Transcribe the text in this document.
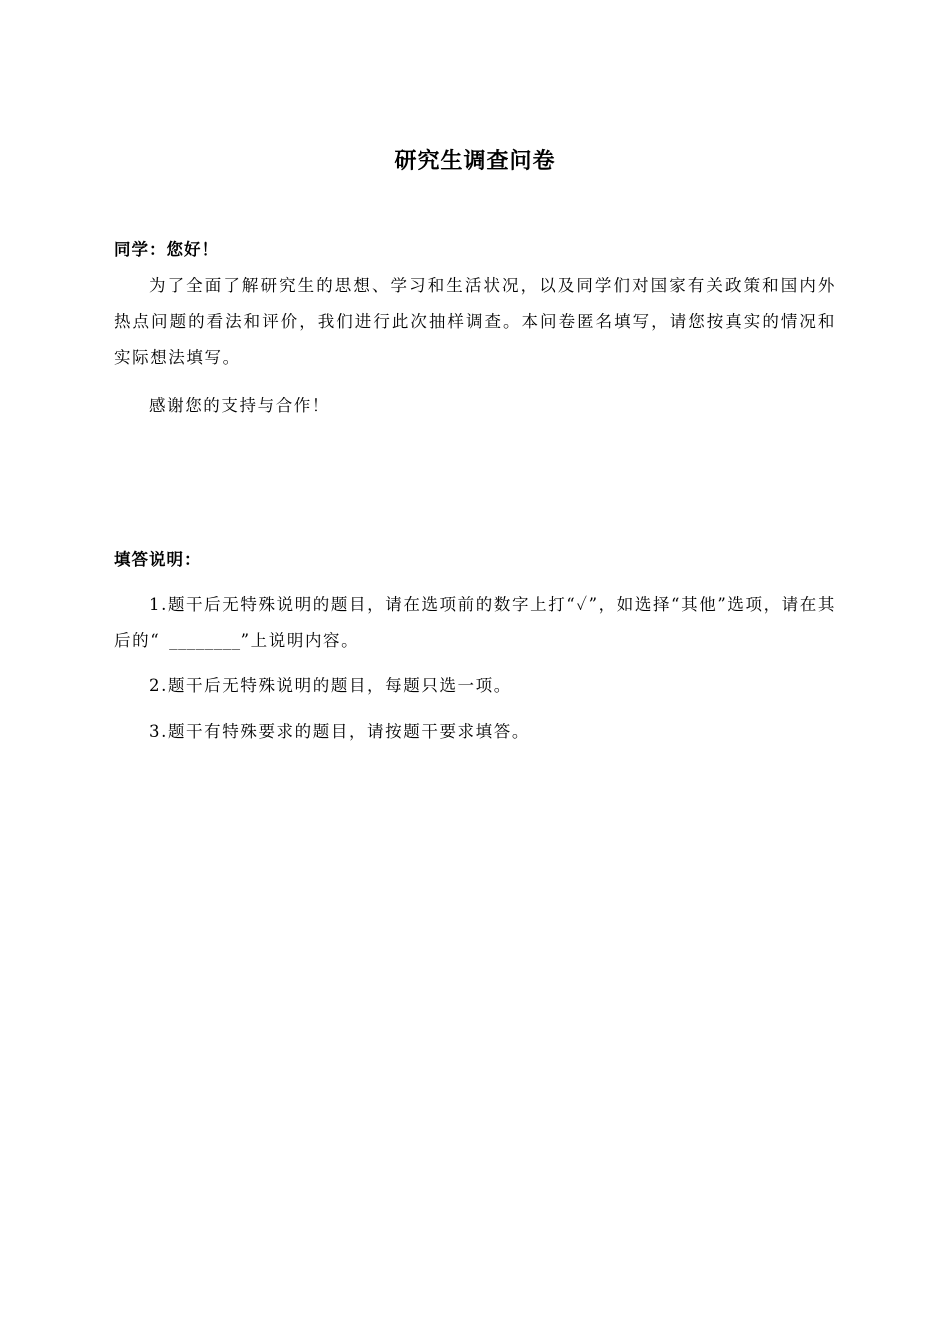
研究生调查问卷
同学：您好！
为了全面了解研究生的思想、学习和生活状况，以及同学们对国家有关政策和国内外热点问题的看法和评价，我们进行此次抽样调查。本问卷匿名填写，请您按真实的情况和实际想法填写。
感谢您的支持与合作！
填答说明：
1.题干后无特殊说明的题目，请在选项前的数字上打“✓”，如选择“其他”选项，请在其后的“ ________”上说明内容。
2.题干后无特殊说明的题目，每题只选一项。
3.题干有特殊要求的题目，请按题干要求填答。
